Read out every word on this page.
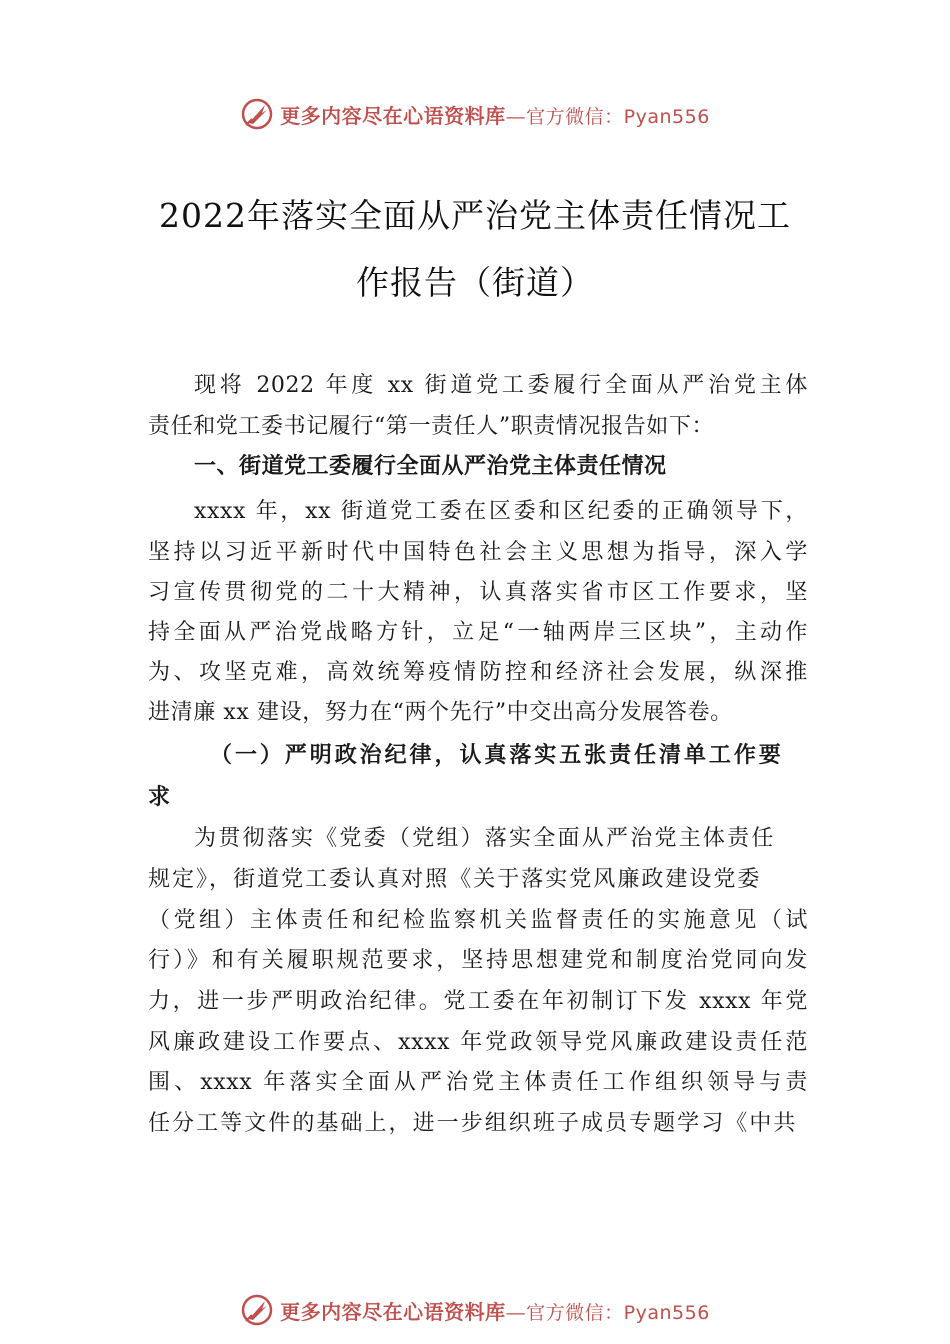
更多内容尽在心语资料库—官方微信：Pyan556
2022年落实全面从严治党主体责任情况工
作报告（街道）
现将 2022 年度 xx 街道党工委履行全面从严治党主体
责任和党工委书记履行“第一责任人”职责情况报告如下：
一、街道党工委履行全面从严治党主体责任情况
xxxx 年，xx 街道党工委在区委和区纪委的正确领导下，
坚持以习近平新时代中国特色社会主义思想为指导，深入学
习宣传贯彻党的二十大精神，认真落实省市区工作要求，坚
持全面从严治党战略方针，立足“一轴两岸三区块”，主动作
为、攻坚克难，高效统筹疫情防控和经济社会发展，纵深推
进清廉 xx 建设，努力在“两个先行”中交出高分发展答卷。
（一）严明政治纪律，认真落实五张责任清单工作要
求
为贯彻落实《党委（党组）落实全面从严治党主体责任
规定》，街道党工委认真对照《关于落实党风廉政建设党委
（党组）主体责任和纪检监察机关监督责任的实施意见（试
行）》和有关履职规范要求，坚持思想建党和制度治党同向发
力，进一步严明政治纪律。党工委在年初制订下发 xxxx 年党
风廉政建设工作要点、xxxx 年党政领导党风廉政建设责任范
围、xxxx 年落实全面从严治党主体责任工作组织领导与责
任分工等文件的基础上，进一步组织班子成员专题学习《中共
更多内容尽在心语资料库—官方微信：Pyan556
